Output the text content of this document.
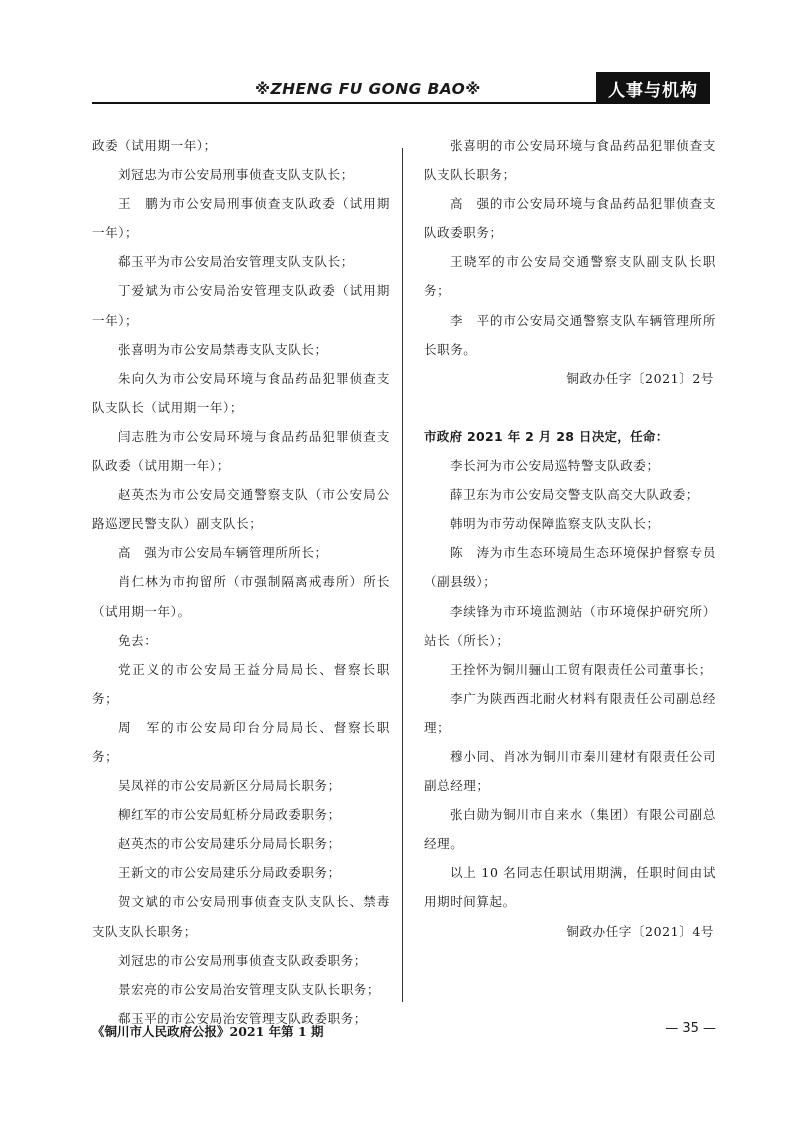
※ZHENG FU GONG BAO※	人事与机构

政委（试用期一年）；

刘冠忠为市公安局刑事侦查支队支队长；

王　鹏为市公安局刑事侦查支队政委（试用期一年）；

郗玉平为市公安局治安管理支队支队长；

丁爱斌为市公安局治安管理支队政委（试用期一年）；

张喜明为市公安局禁毒支队支队长；

朱向久为市公安局环境与食品药品犯罪侦查支队支队长（试用期一年）；

闫志胜为市公安局环境与食品药品犯罪侦查支队政委（试用期一年）；

赵英杰为市公安局交通警察支队（市公安局公路巡逻民警支队）副支队长；

高　强为市公安局车辆管理所所长；

肖仁林为市拘留所（市强制隔离戒毒所）所长（试用期一年）。

免去：

党正义的市公安局王益分局局长、督察长职务；

周　军的市公安局印台分局局长、督察长职务；

吴凤祥的市公安局新区分局局长职务；

柳红军的市公安局虹桥分局政委职务；

赵英杰的市公安局建乐分局局长职务；

王新文的市公安局建乐分局政委职务；

贺文斌的市公安局刑事侦查支队支队长、禁毒支队支队长职务；

刘冠忠的市公安局刑事侦查支队政委职务；

景宏亮的市公安局治安管理支队支队长职务；

郗玉平的市公安局治安管理支队政委职务；

张喜明的市公安局环境与食品药品犯罪侦查支队支队长职务；

高　强的市公安局环境与食品药品犯罪侦查支队政委职务；

王晓军的市公安局交通警察支队副支队长职务；

李　平的市公安局交通警察支队车辆管理所所长职务。

铜政办任字〔2021〕2号

市政府 2021 年 2 月 28 日决定，任命：

李长河为市公安局巡特警支队政委；

薛卫东为市公安局交警支队高交大队政委；

韩明为市劳动保障监察支队支队长；

陈　涛为市生态环境局生态环境保护督察专员（副县级）；

李续锋为市环境监测站（市环境保护研究所）站长（所长）；

王拴怀为铜川骊山工贸有限责任公司董事长；

李广为陕西西北耐火材料有限责任公司副总经理；

穆小同、肖冰为铜川市秦川建材有限责任公司副总经理；

张白勋为铜川市自来水（集团）有限公司副总经理。

以上 10 名同志任职试用期满，任职时间由试用期时间算起。

铜政办任字〔2021〕4号

《铜川市人民政府公报》2021 年第 1 期	— 35 —
